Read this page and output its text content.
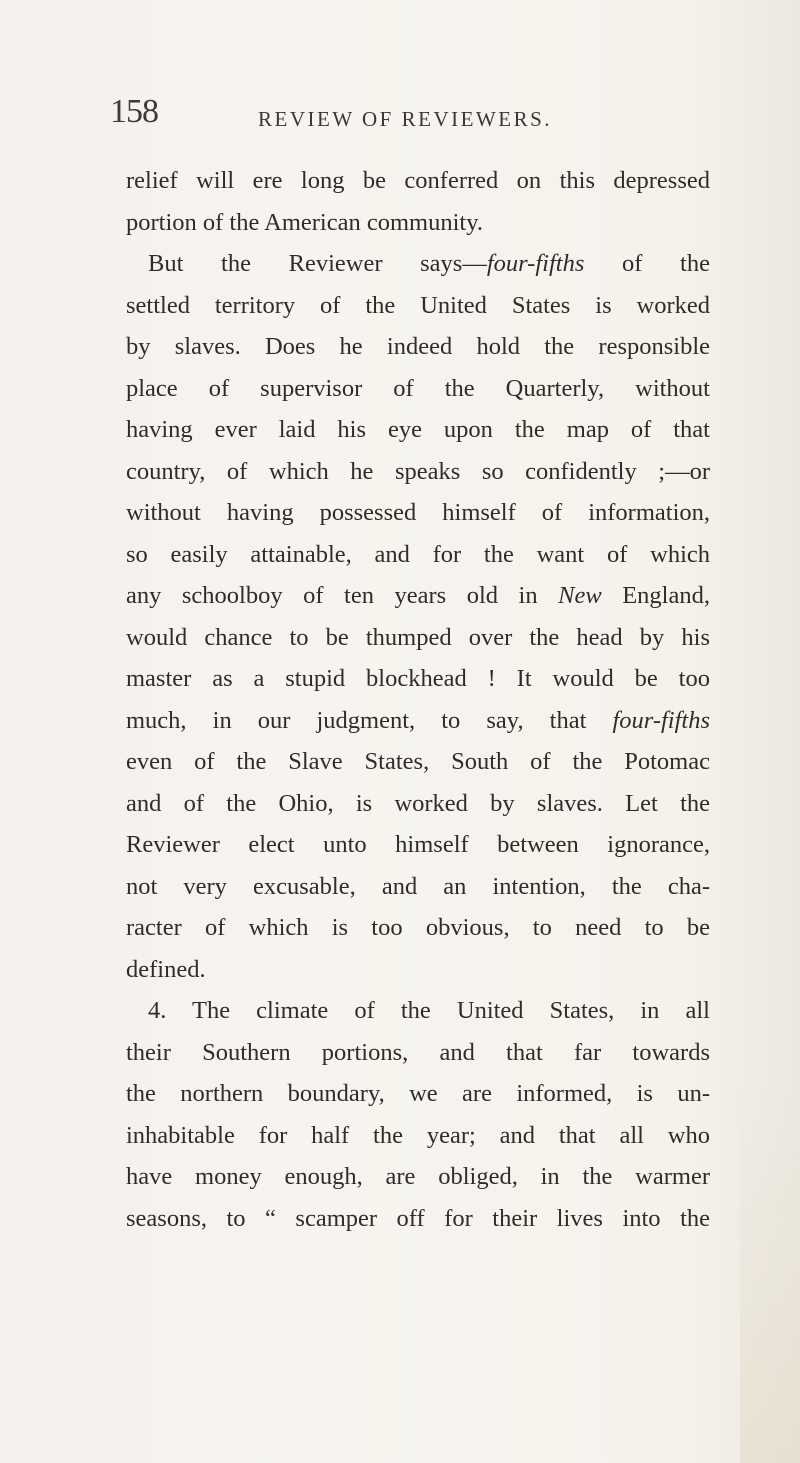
158	REVIEW OF REVIEWERS.
relief will ere long be conferred on this depressed
portion of the American community.
But the Reviewer says—four-fifths of the
settled territory of the United States is worked
by slaves. Does he indeed hold the responsible
place of supervisor of the Quarterly, without
having ever laid his eye upon the map of that
country, of which he speaks so confidently ;—or
without having possessed himself of information,
so easily attainable, and for the want of which
any schoolboy of ten years old in New England,
would chance to be thumped over the head by his
master as a stupid blockhead ! It would be too
much, in our judgment, to say, that four-fifths
even of the Slave States, South of the Potomac
and of the Ohio, is worked by slaves. Let the
Reviewer elect unto himself between ignorance,
not very excusable, and an intention, the cha-
racter of which is too obvious, to need to be
defined.
4. The climate of the United States, in all
their Southern portions, and that far towards
the northern boundary, we are informed, is un-
inhabitable for half the year; and that all who
have money enough, are obliged, in the warmer
seasons, to “ scamper off for their lives into the
